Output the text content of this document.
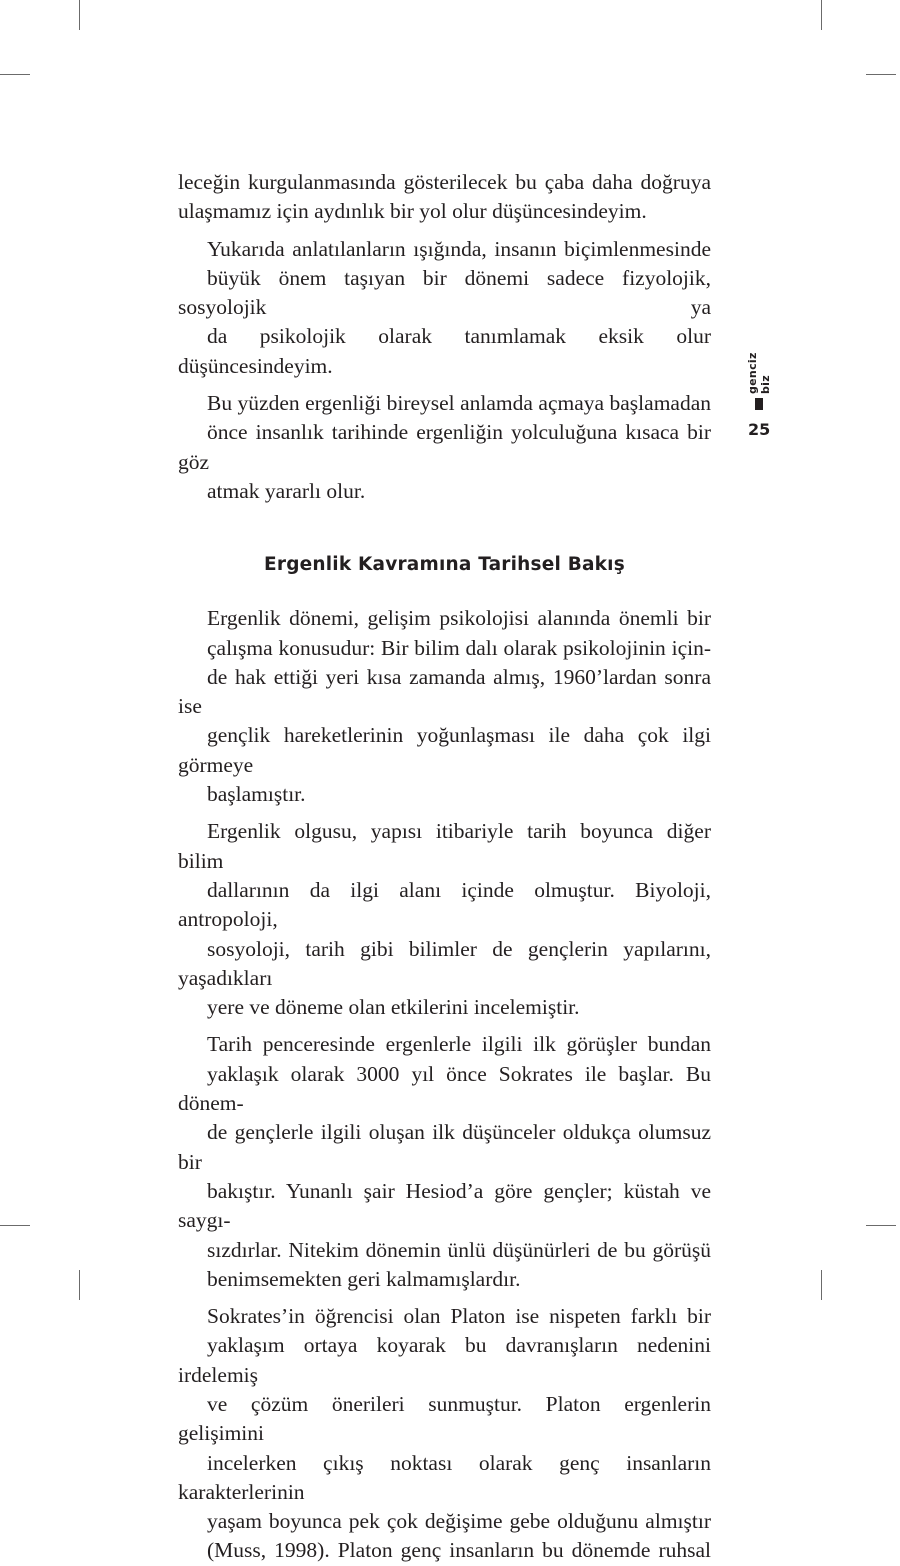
genciz biz
25

leceğin kurgulanmasında gösterilecek bu çaba daha doğruya
ulaşmamız için aydınlık bir yol olur düşüncesindeyim.

Yukarıda anlatılanların ışığında, insanın biçimlenmesinde
büyük önem taşıyan bir dönemi sadece fizyolojik, sosyolojik ya
da psikolojik olarak tanımlamak eksik olur düşüncesindeyim.

Bu yüzden ergenliği bireysel anlamda açmaya başlamadan
önce insanlık tarihinde ergenliğin yolculuğuna kısaca bir göz
atmak yararlı olur.

Ergenlik Kavramına Tarihsel Bakış

Ergenlik dönemi, gelişim psikolojisi alanında önemli bir
çalışma konusudur: Bir bilim dalı olarak psikolojinin için-
de hak ettiği yeri kısa zamanda almış, 1960’lardan sonra ise
gençlik hareketlerinin yoğunlaşması ile daha çok ilgi görmeye
başlamıştır.

Ergenlik olgusu, yapısı itibariyle tarih boyunca diğer bilim
dallarının da ilgi alanı içinde olmuştur. Biyoloji, antropoloji,
sosyoloji, tarih gibi bilimler de gençlerin yapılarını, yaşadıkları
yere ve döneme olan etkilerini incelemiştir.

Tarih penceresinde ergenlerle ilgili ilk görüşler bundan
yaklaşık olarak 3000 yıl önce Sokrates ile başlar. Bu dönem-
de gençlerle ilgili oluşan ilk düşünceler oldukça olumsuz bir
bakıştır. Yunanlı şair Hesiod’a göre gençler; küstah ve saygı-
sızdırlar. Nitekim dönemin ünlü düşünürleri de bu görüşü
benimsemekten geri kalmamışlardır.

Sokrates’in öğrencisi olan Platon ise nispeten farklı bir
yaklaşım ortaya koyarak bu davranışların nedenini irdelemiş
ve çözüm önerileri sunmuştur. Platon ergenlerin gelişimini
incelerken çıkış noktası olarak genç insanların karakterlerinin
yaşam boyunca pek çok değişime gebe olduğunu almıştır
(Muss, 1998). Platon genç insanların bu dönemde ruhsal
